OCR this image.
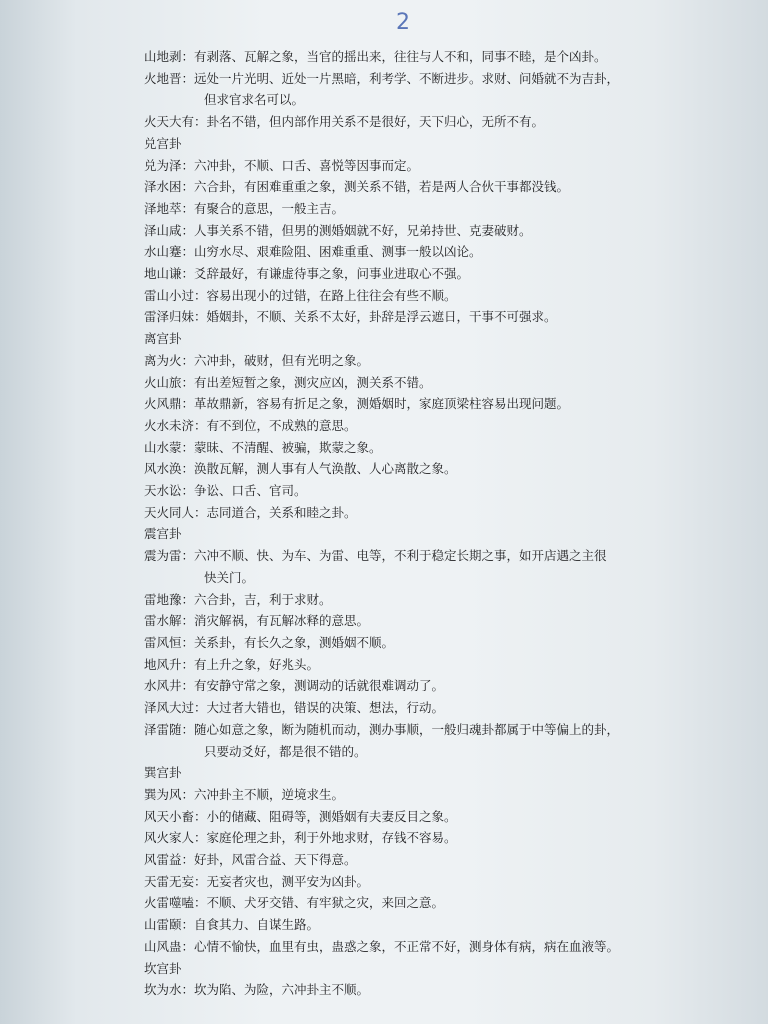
2
山地剥：有剥落、瓦解之象，当官的摇出来，往往与人不和，同事不睦，是个凶卦。
火地晋：远处一片光明、近处一片黑暗，利考学、不断进步。求财、问婚就不为吉卦，
但求官求名可以。
火天大有：卦名不错，但内部作用关系不是很好，天下归心，无所不有。
兑宫卦
兑为泽：六冲卦，不顺、口舌、喜悦等因事而定。
泽水困：六合卦，有困难重重之象，测关系不错，若是两人合伙干事都没钱。
泽地萃：有聚合的意思，一般主吉。
泽山咸：人事关系不错，但男的测婚姻就不好，兄弟持世、克妻破财。
水山蹇：山穷水尽、艰难险阻、困难重重、测事一般以凶论。
地山谦：爻辞最好，有谦虚待事之象，问事业进取心不强。
雷山小过：容易出现小的过错，在路上往往会有些不顺。
雷泽归妹：婚姻卦，不顺、关系不太好，卦辞是浮云遮日，干事不可强求。
离宫卦
离为火：六冲卦，破财，但有光明之象。
火山旅：有出差短暂之象，测灾应凶，测关系不错。
火风鼎：革故鼎新，容易有折足之象，测婚姻时，家庭顶梁柱容易出现问题。
火水未济：有不到位，不成熟的意思。
山水蒙：蒙昧、不清醒、被骗，欺蒙之象。
风水涣：涣散瓦解，测人事有人气涣散、人心离散之象。
天水讼：争讼、口舌、官司。
天火同人：志同道合，关系和睦之卦。
震宫卦
震为雷：六冲不顺、快、为车、为雷、电等，不利于稳定长期之事，如开店遇之主很
快关门。
雷地豫：六合卦，吉，利于求财。
雷水解：消灾解祸，有瓦解冰释的意思。
雷风恒：关系卦，有长久之象，测婚姻不顺。
地风升：有上升之象，好兆头。
水风井：有安静守常之象，测调动的话就很难调动了。
泽风大过：大过者大错也，错误的决策、想法，行动。
泽雷随：随心如意之象，断为随机而动，测办事顺，一般归魂卦都属于中等偏上的卦，
只要动爻好，都是很不错的。
巽宫卦
巽为风：六冲卦主不顺，逆境求生。
风天小畜：小的储藏、阻碍等，测婚姻有夫妻反目之象。
风火家人：家庭伦理之卦，利于外地求财，存钱不容易。
风雷益：好卦，风雷合益、天下得意。
天雷无妄：无妄者灾也，测平安为凶卦。
火雷噬嗑：不顺、犬牙交错、有牢狱之灾，来回之意。
山雷颐：自食其力、自谋生路。
山风蛊：心情不愉快，血里有虫，蛊惑之象，不正常不好，测身体有病，病在血液等。
坎宫卦
坎为水：坎为陷、为险，六冲卦主不顺。
